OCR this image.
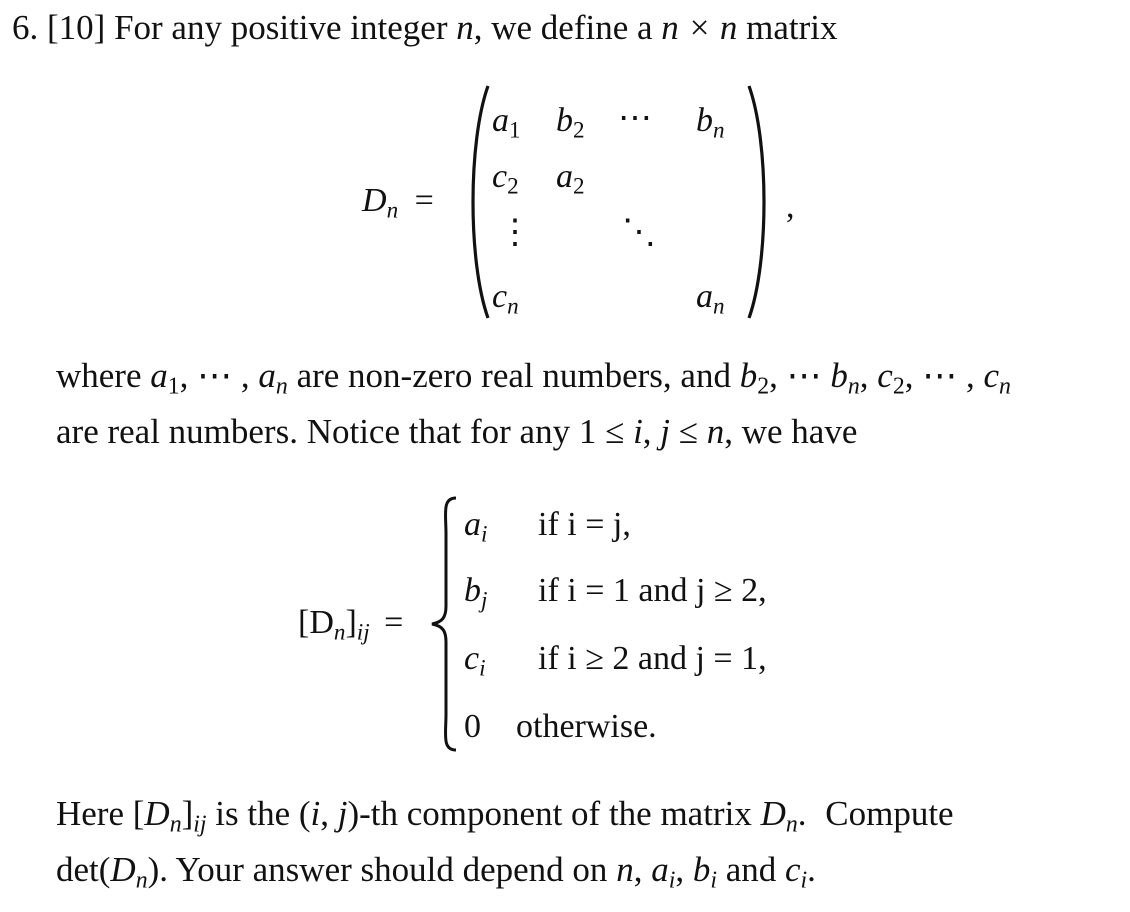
6. [10] For any positive integer n, we define a n × n matrix
Dn =
$a_1$ $b_2$ ⋯ bn
$c_2$ $a_2$
⋮	⋱
cn	an
,
where $a_1$, ⋯ , an are non-zero real numbers, and $b_2$, ⋯ bn, $c_2$, ⋯ , cn
are real numbers. Notice that for any 1 ≤ i, j ≤ n, we have
[Dn]ij =
ai if i = j,
bj if i = 1 and j ≥ 2,
ci if i ≥ 2 and j = 1,
0 otherwise.
Here [Dn]ij is the (i, j)-th component of the matrix Dn. Compute
det(Dn). Your answer should depend on n, ai, bi and ci.
